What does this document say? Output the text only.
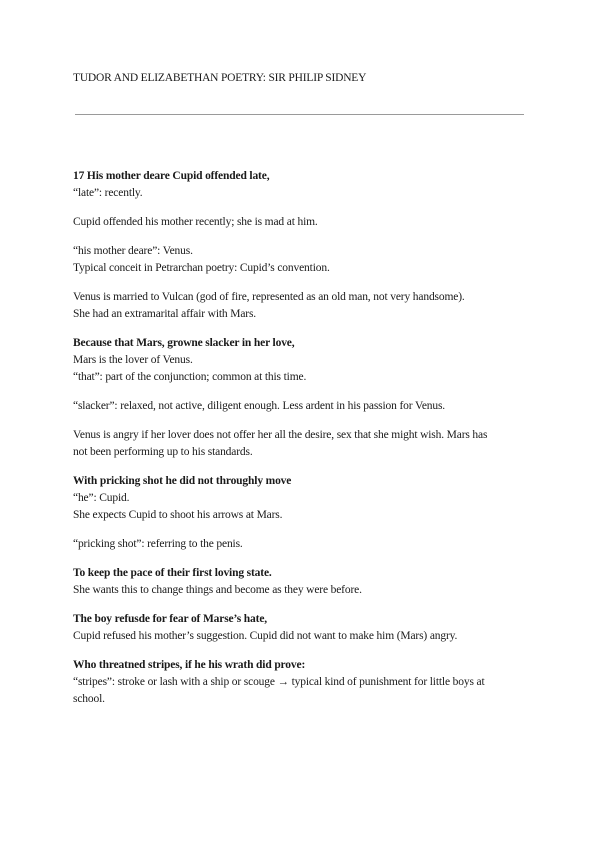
TUDOR AND ELIZABETHAN POETRY: SIR PHILIP SIDNEY

17 His mother deare Cupid offended late,
“late”: recently.

Cupid offended his mother recently; she is mad at him.

“his mother deare”: Venus.
Typical conceit in Petrarchan poetry: Cupid’s convention.

Venus is married to Vulcan (god of fire, represented as an old man, not very handsome).
She had an extramarital affair with Mars.

Because that Mars, growne slacker in her love,
Mars is the lover of Venus.
“that”: part of the conjunction; common at this time.

“slacker”: relaxed, not active, diligent enough. Less ardent in his passion for Venus.

Venus is angry if her lover does not offer her all the desire, sex that she might wish. Mars has
not been performing up to his standards.

With pricking shot he did not throughly move
“he”: Cupid.
She expects Cupid to shoot his arrows at Mars.

“pricking shot”: referring to the penis.

To keep the pace of their first loving state.
She wants this to change things and become as they were before.

The boy refusde for fear of Marse’s hate,
Cupid refused his mother’s suggestion. Cupid did not want to make him (Mars) angry.

Who threatned stripes, if he his wrath did prove:
“stripes”: stroke or lash with a ship or scouge → typical kind of punishment for little boys at
school.
